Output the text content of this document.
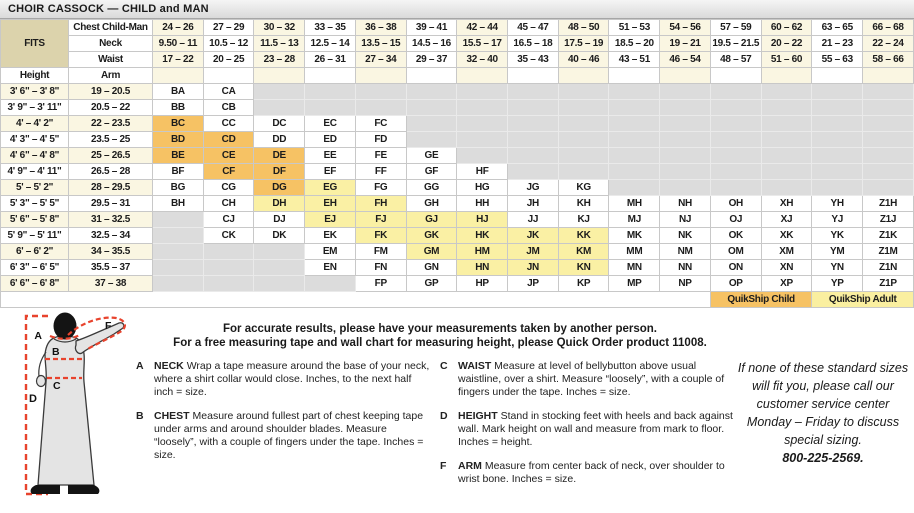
CHOIR CASSOCK — CHILD and MAN
FITS	Chest Child-Man	24 – 26	27 – 29	30 – 32	33 – 35	36 – 38	39 – 41	42 – 44	45 – 47	48 – 50	51 – 53	54 – 56	57 – 59	60 – 62	63 – 65	66 – 68
	Neck	9.50 – 11	10.5 – 12	11.5 – 13	12.5 – 14	13.5 – 15	14.5 – 16	15.5 – 17	16.5 – 18	17.5 – 19	18.5 – 20	19 – 21	19.5 – 21.5	20 – 22	21 – 23	22 – 24
	Waist	17 – 22	20 – 25	23 – 28	26 – 31	27 – 34	29 – 37	32 – 40	35 – 43	40 – 46	43 – 51	46 – 54	48 – 57	51 – 60	55 – 63	58 – 66
Height	Arm															
3' 6" – 3' 8"	19 – 20.5	BA	CA													
3' 9" – 3' 11"	20.5 – 22	BB	CB													
4' – 4' 2"	22 – 23.5	BC	CC	DC	EC	FC										
4' 3" – 4' 5"	23.5 – 25	BD	CD	DD	ED	FD										
4' 6" – 4' 8"	25 – 26.5	BE	CE	DE	EE	FE	GE									
4' 9" – 4' 11"	26.5 – 28	BF	CF	DF	EF	FF	GF	HF								
5' – 5' 2"	28 – 29.5	BG	CG	DG	EG	FG	GG	HG	JG	KG						
5' 3" – 5' 5"	29.5 – 31	BH	CH	DH	EH	FH	GH	HH	JH	KH	MH	NH	OH	XH	YH	Z1H
5' 6" – 5' 8"	31 – 32.5		CJ	DJ	EJ	FJ	GJ	HJ	JJ	KJ	MJ	NJ	OJ	XJ	YJ	Z1J
5' 9" – 5' 11"	32.5 – 34		CK	DK	EK	FK	GK	HK	JK	KK	MK	NK	OK	XK	YK	Z1K
6' – 6' 2"	34 – 35.5				EM	FM	GM	HM	JM	KM	MM	NM	OM	XM	YM	Z1M
6' 3" – 6' 5"	35.5 – 37				EN	FN	GN	HN	JN	KN	MN	NN	ON	XN	YN	Z1N
6' 6" – 6' 8"	37 – 38					FP	GP	HP	JP	KP	MP	NP	OP	XP	YP	Z1P
													QuikShip Child		QuikShip Adult	
A
B
C
D
F	For accurate results, please have your measurements taken by another person.
For a free measuring tape and wall chart for measuring height, please Quick Order product 11008.
A NECK Wrap a tape measure around the base of your neck, where a shirt collar would close. Inches, to the next half inch = size.

B CHEST Measure around fullest part of chest keeping tape under arms and around shoulder blades. Measure “loosely”, with a couple of fingers under the tape. Inches = size.

C WAIST Measure at level of bellybutton above usual waistline, over a shirt. Measure “loosely”, with a couple of fingers under the tape. Inches = size.

D HEIGHT Stand in stocking feet with heels and back against wall. Mark height on wall and measure from mark to floor. Inches = height.

F	ARM Measure from center back of neck, over shoulder to wrist bone. Inches = size.

If none of these standard sizes will fit you, please call our customer service center Monday – Friday to discuss special sizing.
800-225-2569.
